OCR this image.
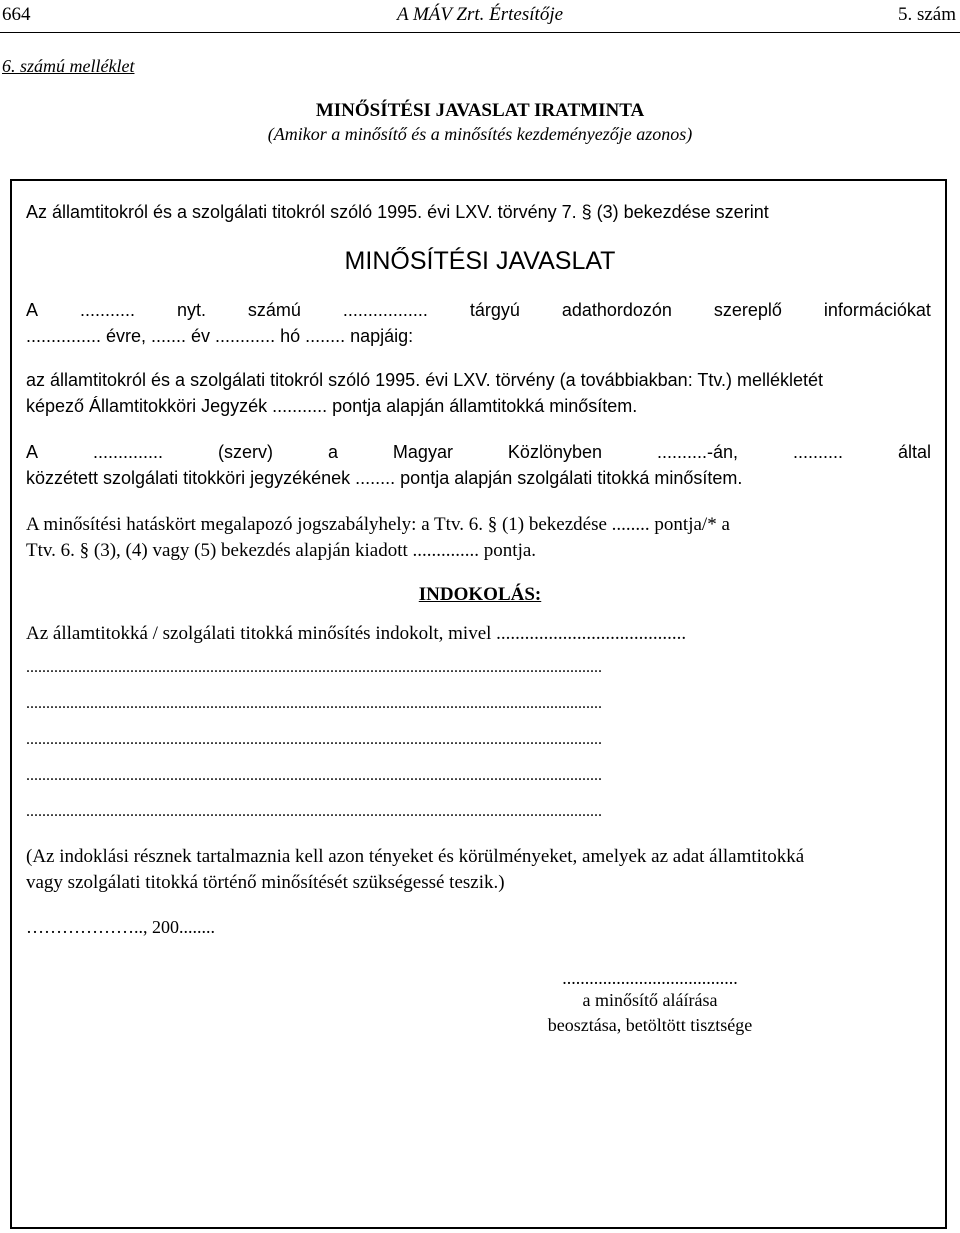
664	A MÁV Zrt. Értesítője	5. szám
6. számú melléklet
MINŐSÍTÉSI JAVASLAT IRATMINTA
(Amikor a minősítő és a minősítés kezdeményezője azonos)
Az államtitokról és a szolgálati titokról szóló 1995. évi LXV. törvény 7. § (3) bekezdése szerint
MINŐSÍTÉSI JAVASLAT
A ........... nyt. számú ................. tárgyú adathordozón szereplő információkat
............... évre, ....... év ............ hó ........ napjáig:
az államtitokról és a szolgálati titokról szóló 1995. évi LXV. törvény (a továbbiakban: Ttv.) mellékletét
képező Államtitokköri Jegyzék ........... pontja alapján államtitokká minősítem.
A	..............	(szerv)	a	Magyar	Közlönyben	..........-án,	..........	által
közzétett szolgálati titokköri jegyzékének ........ pontja alapján szolgálati titokká minősítem.
A minősítési hatáskört megalapozó jogszabályhely: a Ttv. 6. § (1) bekezdése ........ pontja/* a
Ttv. 6. § (3), (4) vagy (5) bekezdés alapján kiadott .............. pontja.
INDOKOLÁS:
Az államtitokká / szolgálati titokká minősítés indokolt, mivel ........................................
................................................................................................................................................
................................................................................................................................................
................................................................................................................................................
................................................................................................................................................
................................................................................................................................................
(Az indoklási résznek tartalmaznia kell azon tényeket és körülményeket, amelyek az adat államtitokká
vagy szolgálati titokká történő minősítését szükségessé teszik.)
……………….., 200........
.......................................
a minősítő aláírása
beosztása, betöltött tisztsége
